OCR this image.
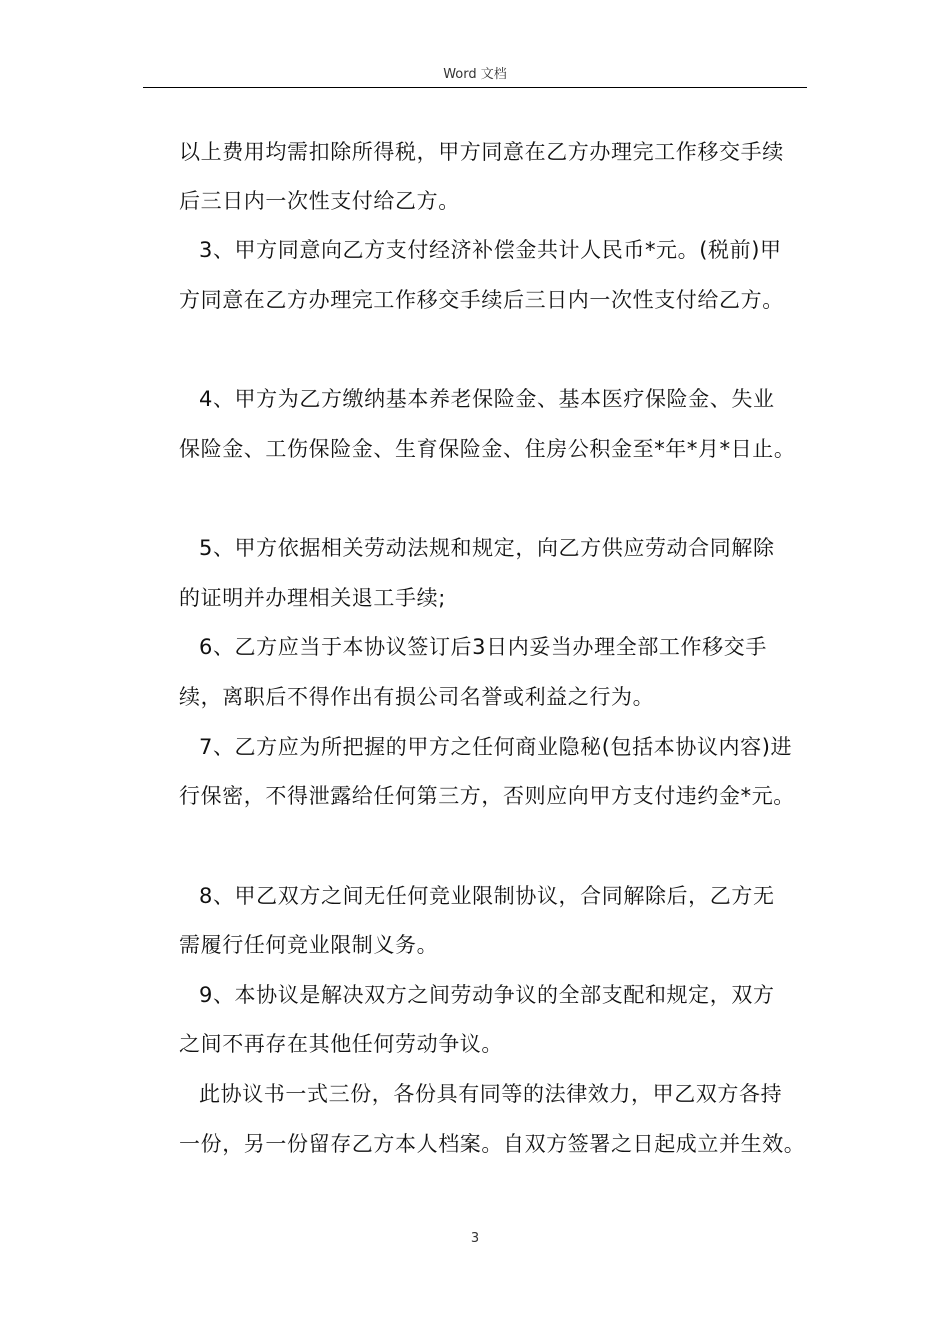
Word 文档
以上费用均需扣除所得税，甲方同意在乙方办理完工作移交手续
后三日内一次性支付给乙方。
3、甲方同意向乙方支付经济补偿金共计人民币*元。(税前)甲
方同意在乙方办理完工作移交手续后三日内一次性支付给乙方。
4、甲方为乙方缴纳基本养老保险金、基本医疗保险金、失业
保险金、工伤保险金、生育保险金、住房公积金至*年*月*日止。
5、甲方依据相关劳动法规和规定，向乙方供应劳动合同解除
的证明并办理相关退工手续;
6、乙方应当于本协议签订后3日内妥当办理全部工作移交手
续，离职后不得作出有损公司名誉或利益之行为。
7、乙方应为所把握的甲方之任何商业隐秘(包括本协议内容)进
行保密，不得泄露给任何第三方，否则应向甲方支付违约金*元。
8、甲乙双方之间无任何竞业限制协议，合同解除后，乙方无
需履行任何竞业限制义务。
9、本协议是解决双方之间劳动争议的全部支配和规定，双方
之间不再存在其他任何劳动争议。
此协议书一式三份，各份具有同等的法律效力，甲乙双方各持
一份，另一份留存乙方本人档案。自双方签署之日起成立并生效。
3
